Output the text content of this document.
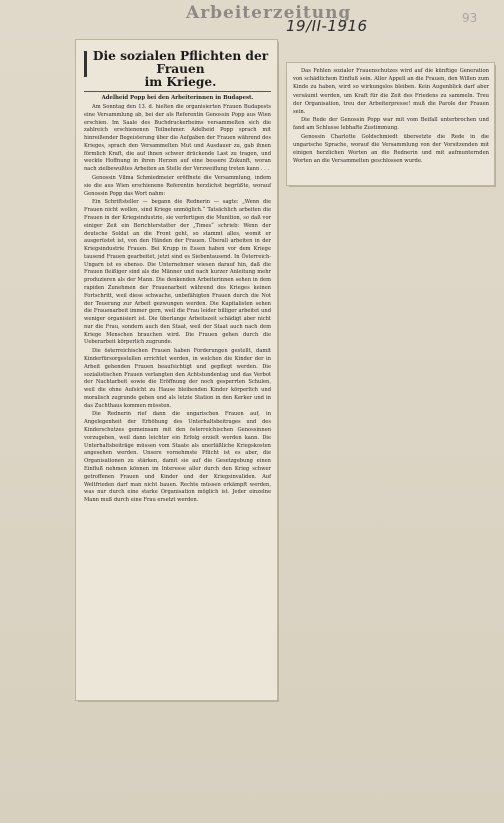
Arbeiterzeitung
19/II-1916	93
Die sozialen Pflichten der Frauen
im Kriege.
Adelheid Popp bei den Arbeiterinnen in Budapest.

Am Sonntag den 13. d. hielten die organisierten Frauen Budapests eine Versammlung ab, bei der als Referentin Genossin Popp aus Wien erschien. Im Saale des Buchdruckerheims versammelten sich die zahlreich erschienenen Teilnehmer. Adelheid Popp sprach mit hinreißender Begeisterung über die Aufgaben der Frauen während des Krieges, sprach den Versammelten Mut und Ausdauer zu, gab ihnen förmlich Kraft, die auf ihnen schwer drückende Last zu tragen, und weckte Hoffnung in ihren Herzen auf eine bessere Zukunft, woran nach zielbewußtes Arbeiten an Stelle der Verzweiflung treten kann . . .

Genossin Vilma Schmiedmeier eröffnete die Versammlung, indem sie die aus Wien erschienene Referentin herzlichst begrüßte, worauf Genossin Popp das Wort nahm:

Ein Schriftsteller — begann die Rednerin — sagte: „Wenn die Frauen nicht wollen, sind Kriege unmöglich.“ Tatsächlich arbeiten die Frauen in der Kriegsindustrie, sie verfertigen die Munition, so daß vor einiger Zeit ein Berichterstatter der „Times“ schrieb: Wenn der deutsche Soldat an die Front geht, so stammt alles, womit er ausgerüstet ist, von den Händen der Frauen. Überall arbeiten in der Kriegsindustrie Frauen. Bei Krupp in Essen haben vor dem Kriege tausend Frauen gearbeitet, jetzt sind es Siebentausend. In Österreich-Ungarn ist es ebenso. Die Unternehmer wiesen darauf hin, daß die Frauen fleißiger sind als die Männer und nach kurzer Anleitung mehr produzieren als der Mann. Die denkenden Arbeiterinnen sehen in dem rapiden Zunehmen der Frauenarbeit während des Krieges keinen Fortschritt, weil diese schwache, unbefähigten Frauen durch die Not der Teuerung zur Arbeit gezwungen werden. Die Kapitalisten sehen die Frauenarbeit immer gern, weil die Frau leider billiger arbeitet und weniger organisiert ist. Die überlange Arbeitszeit schädigt aber nicht nur die Frau, sondern auch den Staat, weil der Staat auch nach dem Kriege Menschen brauchen wird. Die Frauen gehen durch die Ueberarbeit körperlich zugrunde.

Die österreichischen Frauen haben Forderungen gestellt, damit Kinderfürsorgestellen errichtet werden, in welchen die Kinder der in Arbeit gehenden Frauen beaufsichtigt und gepflegt werden. Die sozialistischen Frauen verlangten den Achtstundentag und das Verbot der Nachtarbeit sowie die Eröffnung der noch gesperrten Schulen, weil die ohne Aufsicht zu Hause bleibenden Kinder körperlich und moralisch zugrunde gehen und als letzte Station in den Kerker und in das Zuchthaus kommen müssten.

Die Rednerin rief dann die ungarischen Frauen auf, in Angelegenheit der Erhöhung des Unterhaltsbeitrages und des Kinderschutzes gemeinsam mit den österreichischen Genossinnen vorzugehen, weil dann leichter ein Erfolg erzielt werden kann. Die Unterhaltsbeiträge müssen vom Staate als unerläßliche Kriegskosten angesehen werden. Unsere vornehmste Pflicht ist es aber, die Organisationen zu stärken, damit sie auf die Gesetzgebung einen Einfluß nehmen können im Interesse aller durch den Krieg schwer getroffenen Frauen und Kinder und der Kriegsinvaliden. Auf Weltfrieden darf man nicht bauen. Rechte müssen erkämpft werden, was nur durch eine starke Organisation möglich ist. Jeder einzelne Mann muß durch eine Frau ersetzt werden.

Das Fehlen sozialer Frauenschutzes wird auf die künftige Generation von schädlichem Einfluß sein. Aller Appell an die Frauen, den Willen zum Kinde zu haben, wird so wirkungslos bleiben. Kein Augenblick darf aber versäumt werden, um Kraft für die Zeit des Friedens zu sammeln. Treu der Organisation, treu der Arbeiterpresse! muß die Parole der Frauen sein.

Die Rede der Genossin Popp war mit vom Beifall unterbrochen und fand am Schlusse lebhafte Zustimmung.

Genossin Charlotte Goldschmiedt übersetzte die Rede in die ungarische Sprache, worauf die Versammlung von der Vorsitzenden mit einigen herzlichen Worten an die Rednerin und mit aufmunternden Worten an die Versammelten geschlossen wurde.
